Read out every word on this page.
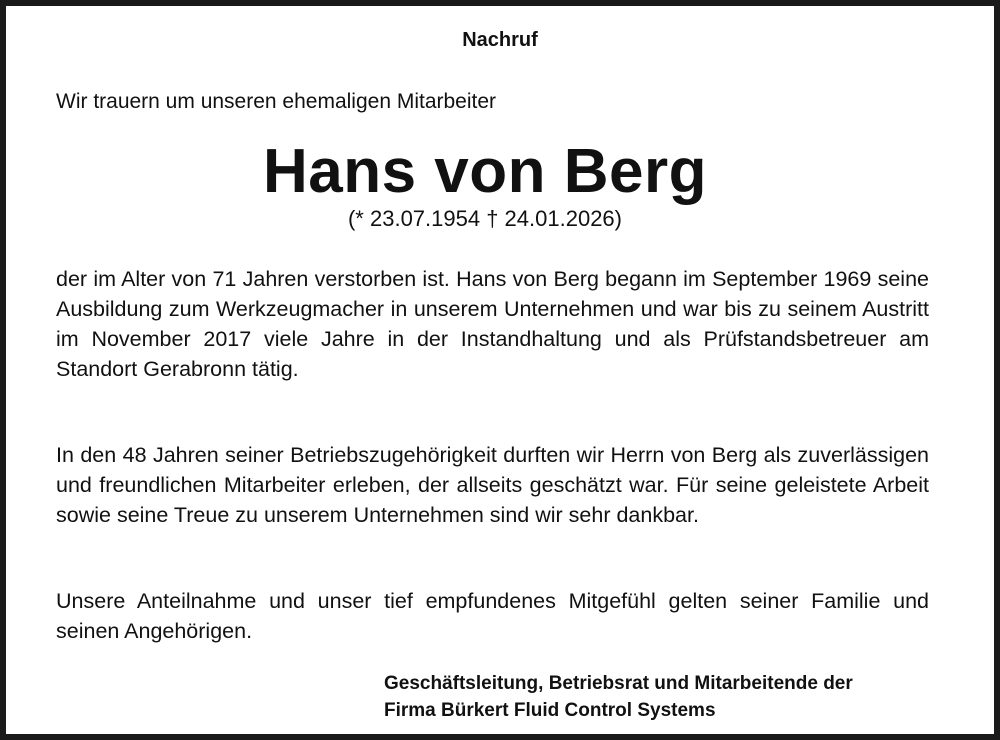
Nachruf
Wir trauern um unseren ehemaligen Mitarbeiter
Hans von Berg
(* 23.07.1954 † 24.01.2026)
der im Alter von 71 Jahren verstorben ist. Hans von Berg begann im September 1969 seine Ausbildung zum Werkzeugmacher in unserem Unternehmen und war bis zu seinem Austritt im November 2017 viele Jahre in der Instandhaltung und als Prüfstandsbetreuer am Standort Gerabronn tätig.
In den 48 Jahren seiner Betriebszugehörigkeit durften wir Herrn von Berg als zuverlässigen und freundlichen Mitarbeiter erleben, der allseits geschätzt war. Für seine geleistete Arbeit sowie seine Treue zu unserem Unternehmen sind wir sehr dankbar.
Unsere Anteilnahme und unser tief empfundenes Mitgefühl gelten seiner Familie und seinen Angehörigen.
Geschäftsleitung, Betriebsrat und Mitarbeitende der
Firma Bürkert Fluid Control Systems
